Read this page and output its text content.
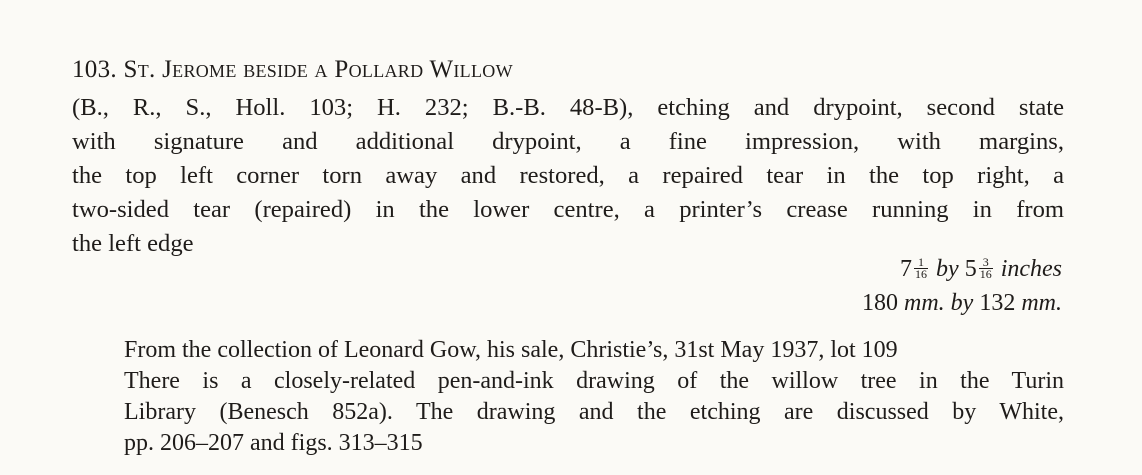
103. St. Jerome beside a Pollard Willow
(B., R., S., Holl. 103; H. 232; B.-B. 48-B), etching and drypoint, second state
with signature and additional drypoint, a fine impression, with margins,
the top left corner torn away and restored, a repaired tear in the top right, a
two-sided tear (repaired) in the lower centre, a printer’s crease running in from
the left edge
$7 \frac{1}{16}$ by $5 \frac{3}{16}$ inches
180 mm. by 132 mm.
From the collection of Leonard Gow, his sale, Christie’s, 31st May 1937, lot 109
There is a closely-related pen-and-ink drawing of the willow tree in the Turin
Library (Benesch 852a). The drawing and the etching are discussed by White,
pp. 206–207 and figs. 313–315
